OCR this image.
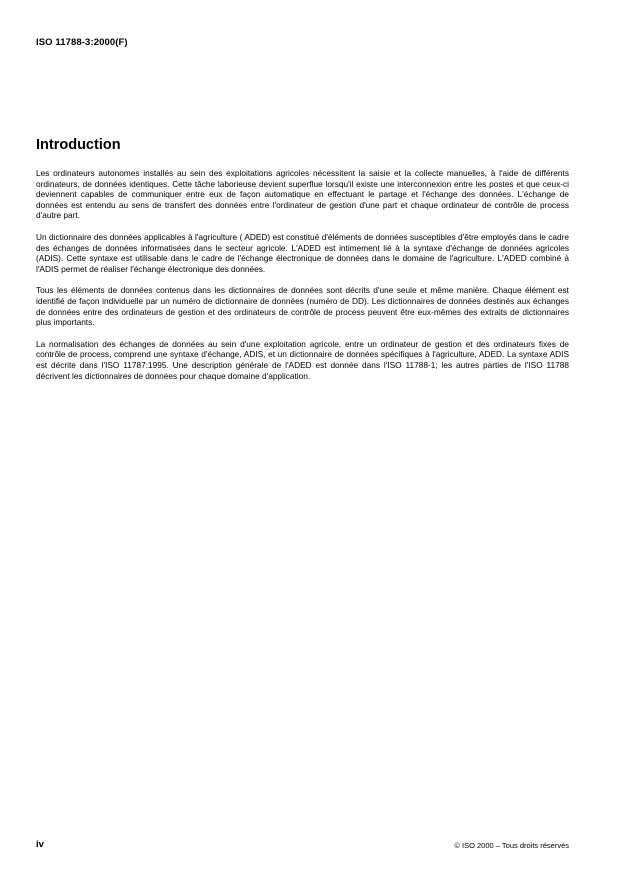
ISO 11788-3:2000(F)
Introduction

Les ordinateurs autonomes installés au sein des exploitations agricoles nécessitent la saisie et la collecte manuelles, à l'aide de différents ordinateurs, de données identiques. Cette tâche laborieuse devient superflue lorsqu'il existe une interconnexion entre les postes et que ceux-ci deviennent capables de communiquer entre eux de façon automatique en effectuant le partage et l'échange des données. L'échange de données est entendu au sens de transfert des données entre l'ordinateur de gestion d'une part et chaque ordinateur de contrôle de process d'autre part.

Un dictionnaire des données applicables à l'agriculture ( ADED) est constitué d'éléments de données susceptibles d'être employés dans le cadre des échanges de données informatisées dans le secteur agricole. L'ADED est intimement lié à la syntaxe d'échange de données agricoles (ADIS). Cette syntaxe est utilisable dans le cadre de l'échange électronique de données dans le domaine de l'agriculture. L'ADED combiné à l'ADIS permet de réaliser l'échange électronique des données.

Tous les éléments de données contenus dans les dictionnaires de données sont décrits d'une seule et même manière. Chaque élément est identifié de façon individuelle par un numéro de dictionnaire de données (numéro de DD). Les dictionnaires de données destinés aux échanges de données entre des ordinateurs de gestion et des ordinateurs de contrôle de process peuvent être eux-mêmes des extraits de dictionnaires plus importants.

La normalisation des échanges de données au sein d'une exploitation agricole, entre un ordinateur de gestion et des ordinateurs fixes de contrôle de process, comprend une syntaxe d'échange, ADIS, et un dictionnaire de données spécifiques à l'agriculture, ADED. La syntaxe ADIS est décrite dans l'ISO 11787:1995. Une description générale de l'ADED est donnée dans l'ISO 11788-1; les autres parties de l'ISO 11788 décrivent les dictionnaires de données pour chaque domaine d'application.

iv	© ISO 2000 – Tous droits réservés
